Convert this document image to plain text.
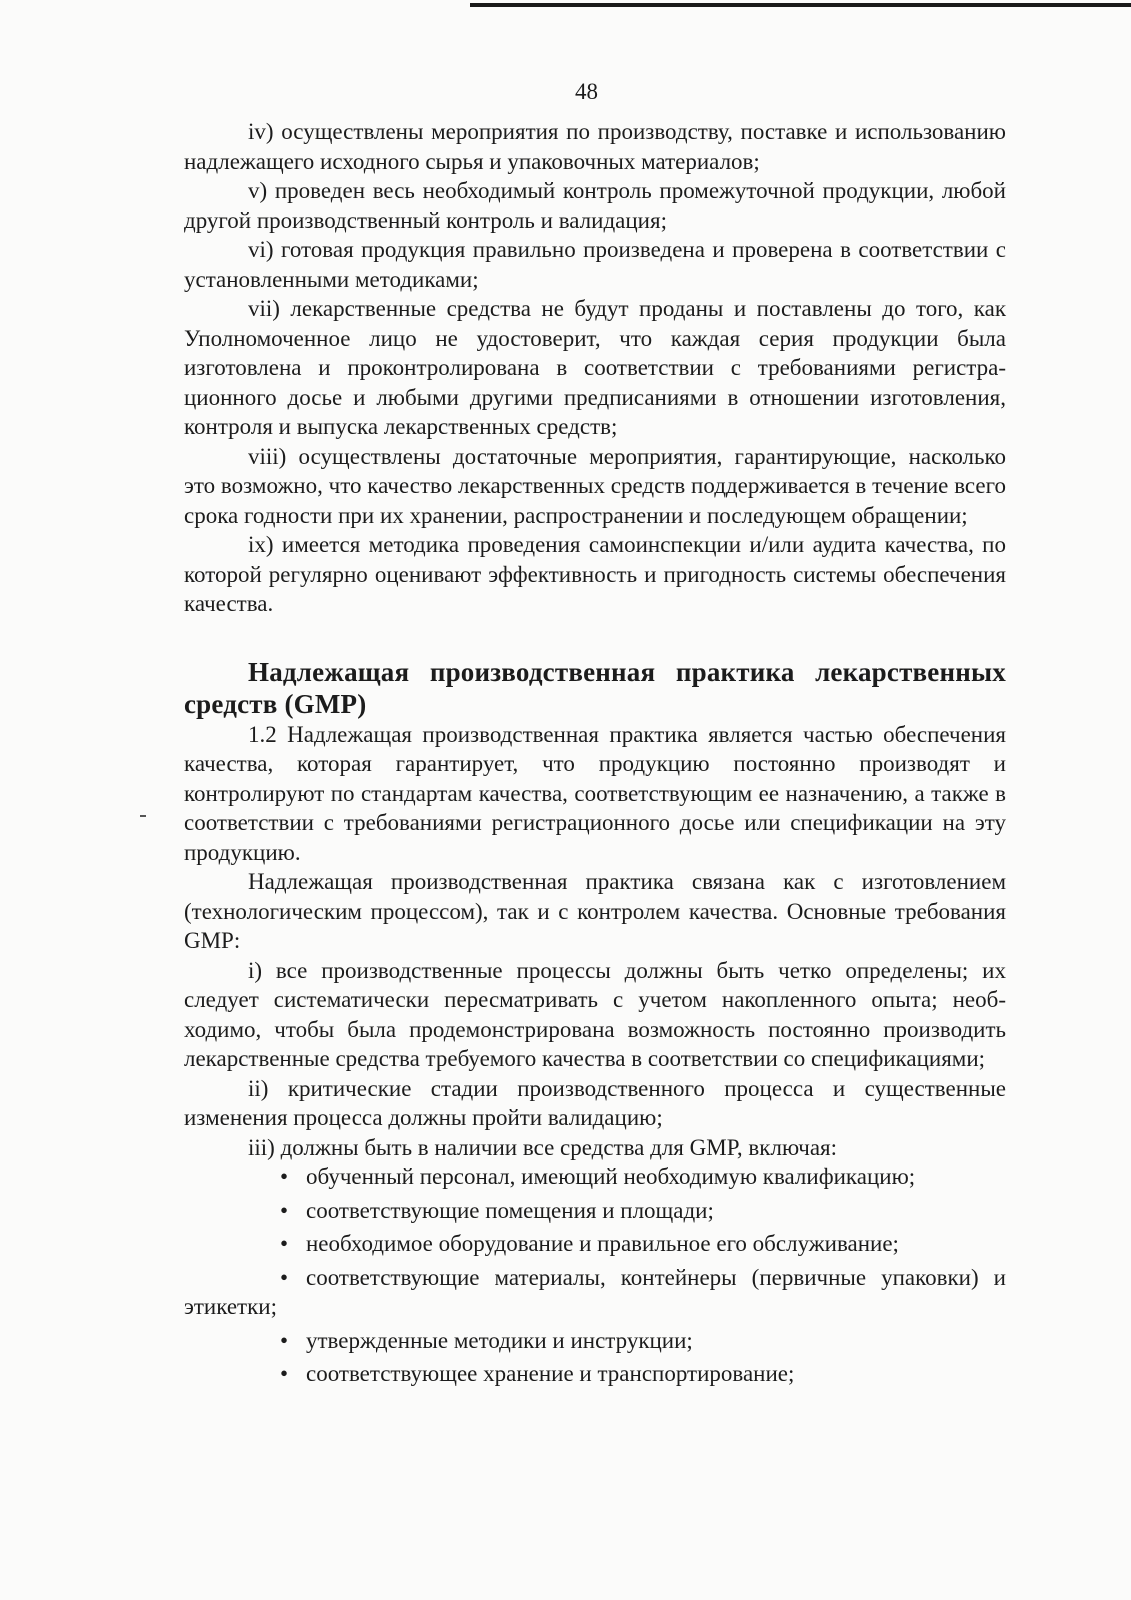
48

iv) осуществлены мероприятия по производству, поставке и использованию надлежащего исходного сырья и упаковочных материалов;

v) проведен весь необходимый контроль промежуточной продукции, любой другой производственный контроль и валидация;

vi) готовая продукция правильно произведена и проверена в соответствии с установленными методиками;

vii) лекарственные средства не будут проданы и поставлены до того, как Уполномоченное лицо не удостоверит, что каждая серия продукции была изготовлена и проконтролирована в соответствии с требованиями регистрационного досье и любыми другими предписаниями в отношении изготовления, контроля и выпуска лекарственных средств;

viii) осуществлены достаточные мероприятия, гарантирующие, насколько это возможно, что качество лекарственных средств поддерживается в течение всего срока годности при их хранении, распространении и последующем обращении;

ix) имеется методика проведения самоинспекции и/или аудита качества, по которой регулярно оценивают эффективность и пригодность системы обеспечения качества.

Надлежащая производственная практика лекарственных средств (GMP)

1.2 Надлежащая производственная практика является частью обеспечения качества, которая гарантирует, что продукцию постоянно производят и контролируют по стандартам качества, соответствующим ее назначению, а также в соответствии с требованиями регистрационного досье или спецификации на эту продукцию.

Надлежащая производственная практика связана как с изготовлением (технологическим процессом), так и с контролем качества. Основные требования GMP:

i) все производственные процессы должны быть четко определены; их следует систематически пересматривать с учетом накопленного опыта; необходимо, чтобы была продемонстрирована возможность постоянно производить лекарственные средства требуемого качества в соответствии со спецификациями;

ii) критические стадии производственного процесса и существенные изменения процесса должны пройти валидацию;

iii) должны быть в наличии все средства для GMP, включая:

• обученный персонал, имеющий необходимую квалификацию;
• соответствующие помещения и площади;
• необходимое оборудование и правильное его обслуживание;
• соответствующие материалы, контейнеры (первичные упаковки) и этикетки;
• утвержденные методики и инструкции;
• соответствующее хранение и транспортирование;
